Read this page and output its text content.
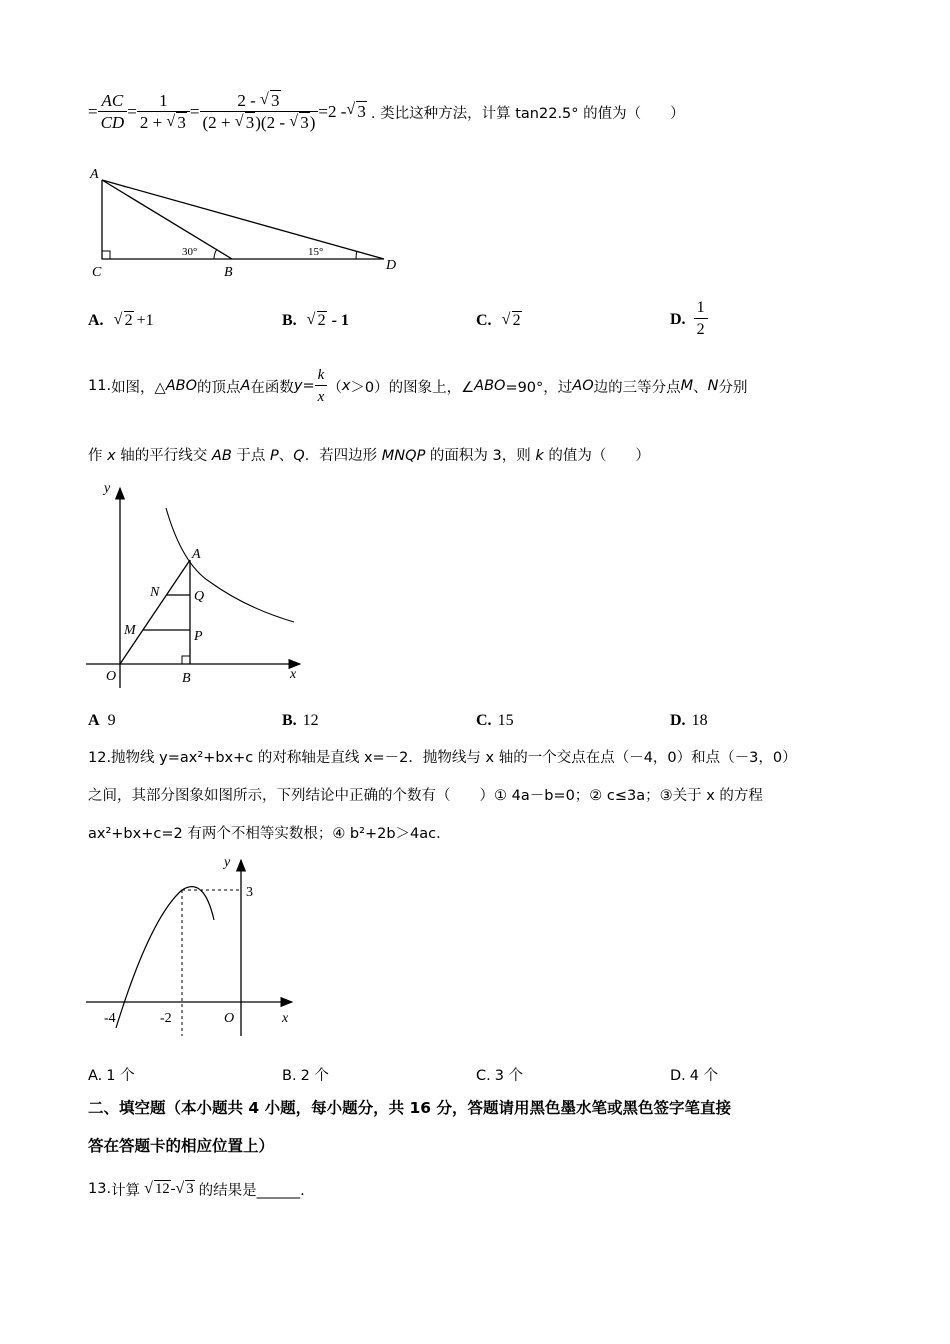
= $\frac{AC}{CD} = \frac{1}{2 + √ 3} = \frac{2 - √ 3}{(2 + √ 3)(2 - √ 3)} =2$ - √ 3 . 类比这种方法，计算 tan22.5° 的值为（　　）
A
C	B	D
30°	15°
A. √ 2 +1	B. √ 2 - 1	C. √ 2	D. $\frac{1}{2}$
11. 如图，△ ABO 的顶点 A 在函数 $y= \frac{k}{x}$ （ x ＞0）的图象上，∠ ABO =90°，过 AO 边的三等分点 M 、 N 分别
作 x 轴的平行线交 AB 于点 P、Q．若四边形 MNQP 的面积为 3，则 k 的值为（　　）
y
x
A
N Q
M	P
O	B
A 9	B. 12	C. 15	D. 18
12.抛物线 y=ax²+bx+c 的对称轴是直线 x=－2．抛物线与 x 轴的一个交点在点（－4，0）和点（－3，0）
之间，其部分图象如图所示，下列结论中正确的个数有（　　）① 4a－b=0；② c≤3a；③关于 x 的方程
ax²+bx+c=2 有两个不相等实数根；④ b²+2b＞4ac．
y
x
3
-4	-2	O
A. 1 个	B. 2 个	C. 3 个	D. 4 个
二、填空题（本小题共 4 小题，每小题分，共 16 分，答题请用黑色墨水笔或黑色签字笔直接
答在答题卡的相应位置上）
13. 计算	√ 12 - √ 3 的结果是______.
